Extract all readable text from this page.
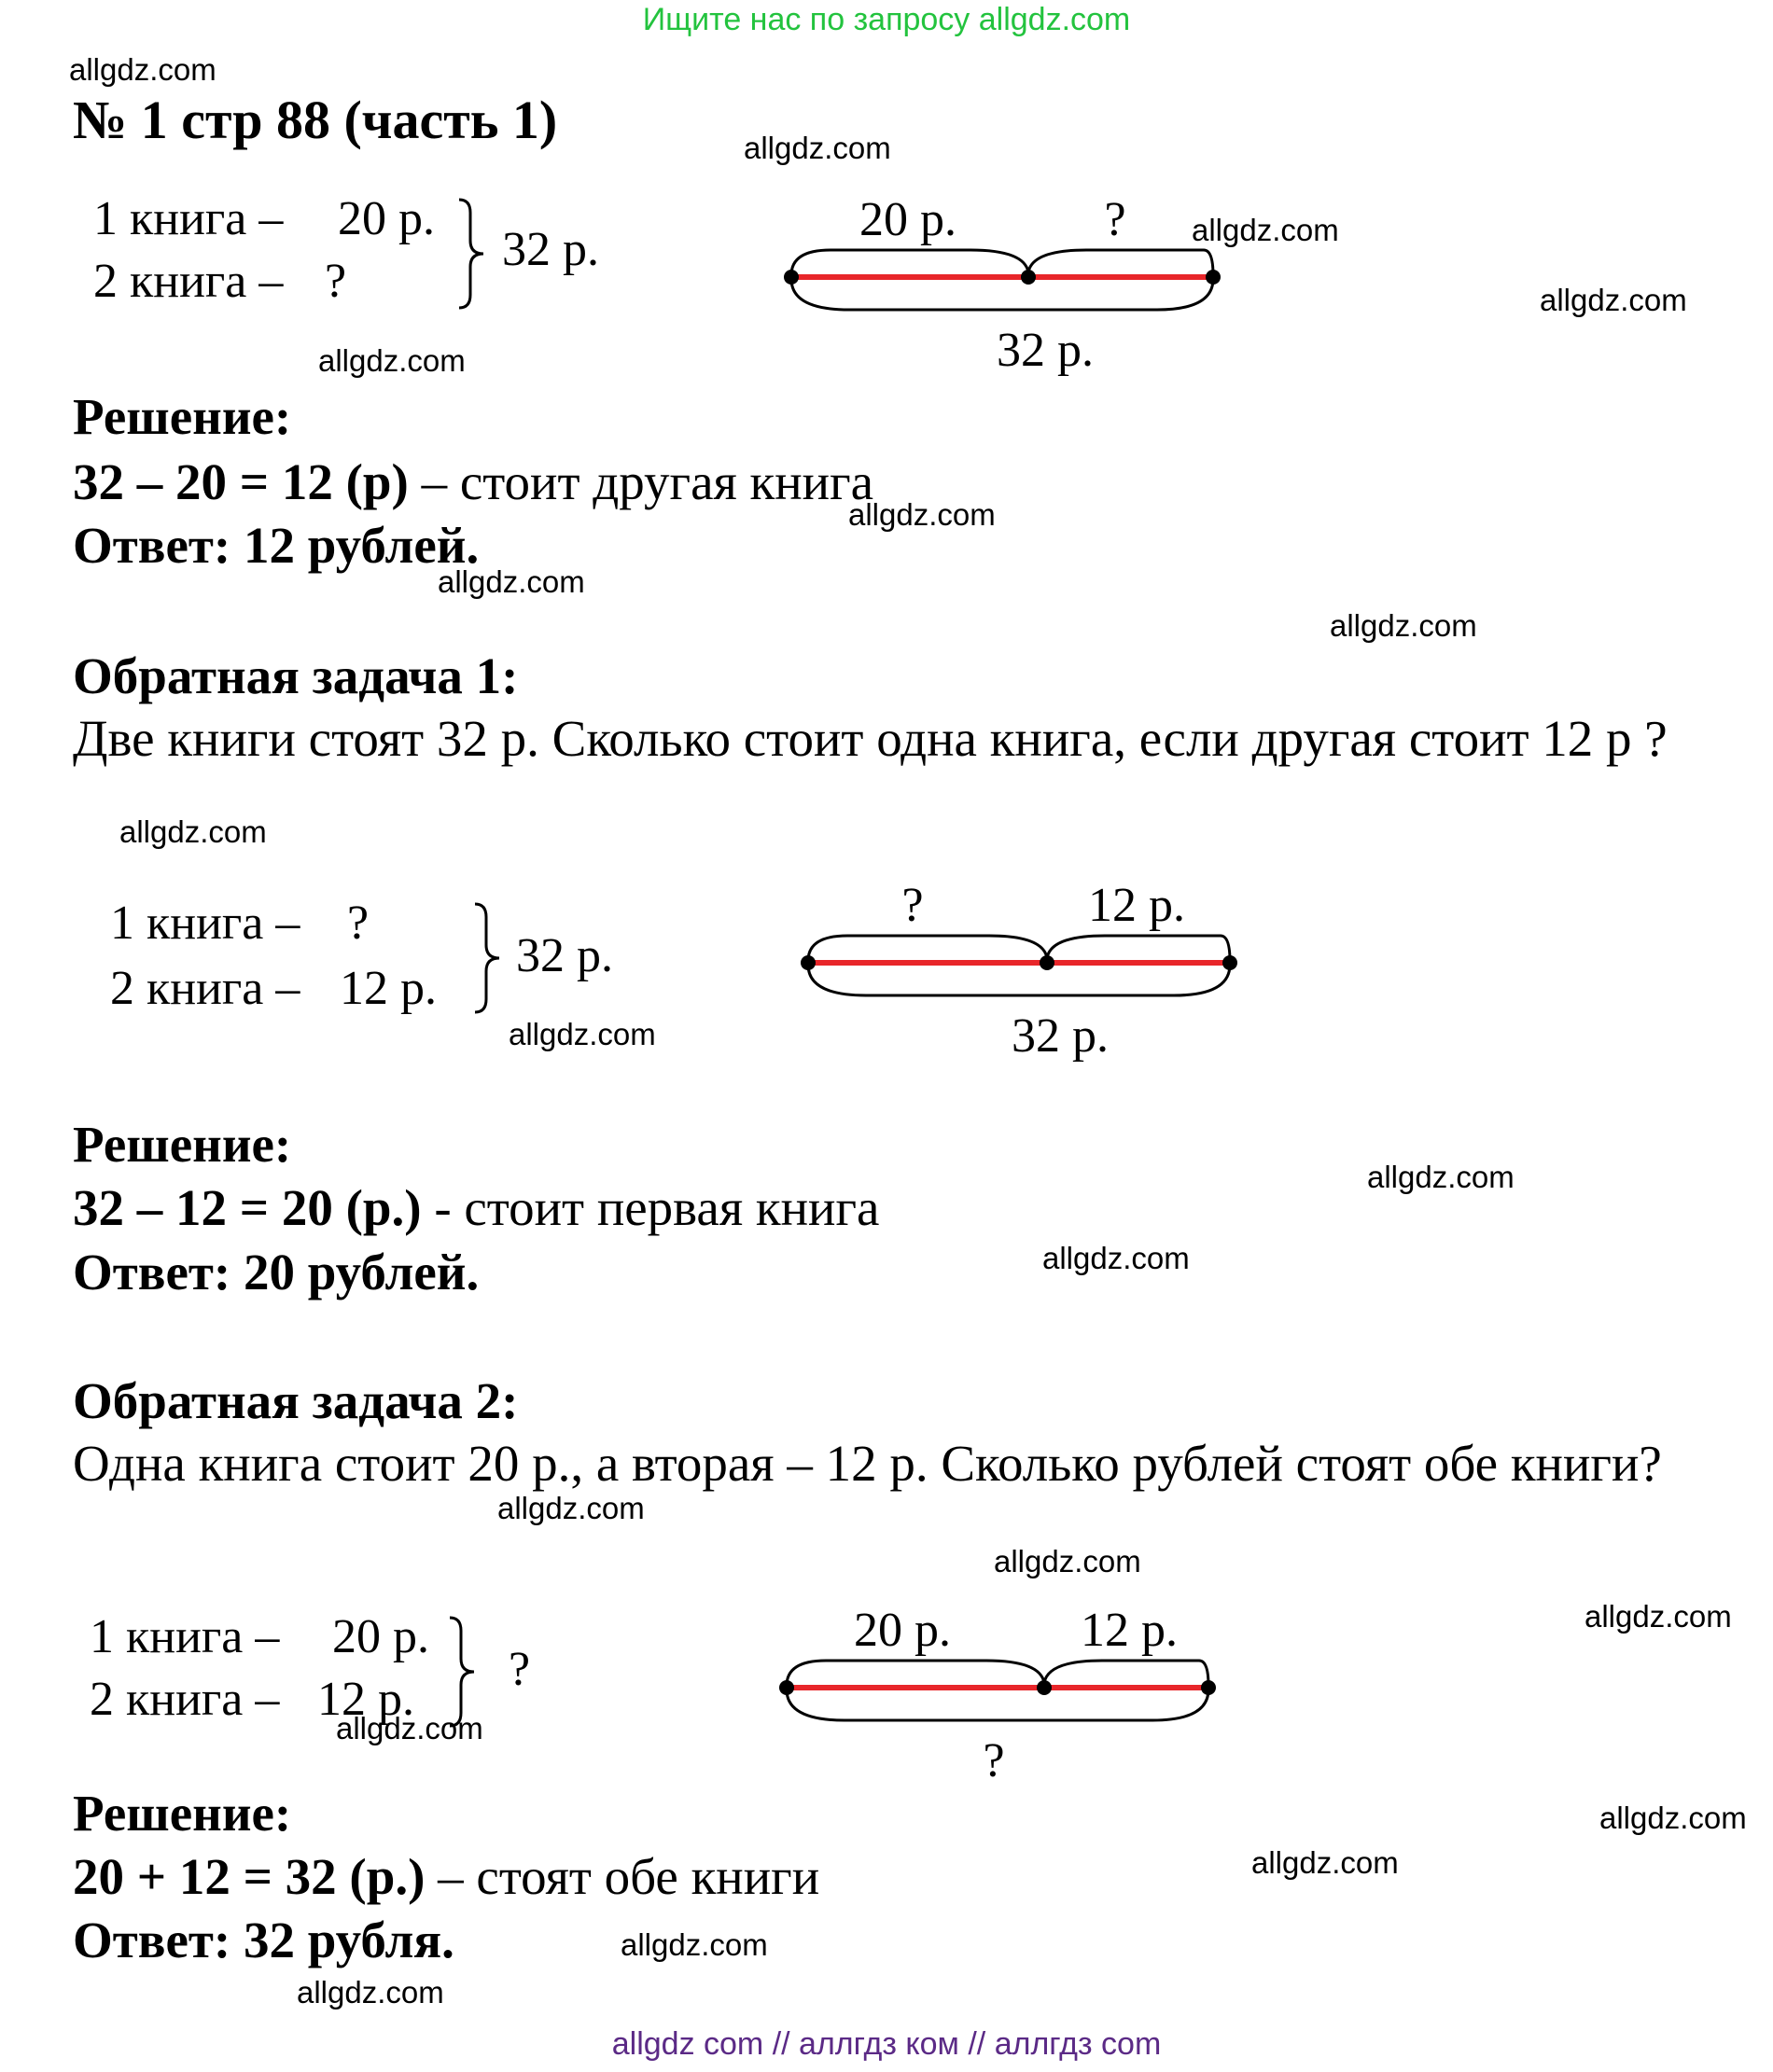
Ищите нас по запросу allgdz.com
№ 1 стр 88 (часть 1)
1 книга – 20 р.
2 книга – ?
32 р.
20 р.	?
32 р.
Решение:
32 – 20 = 12 (р) – стоит другая книга
Ответ: 12 рублей.
Обратная задача 1:
Две книги стоят 32 р. Сколько стоит одна книга, если другая стоит 12 р ?
1 книга – ?
2 книга – 12 р.
32 р.
?	12 р.
32 р.
Решение:
32 – 12 = 20 (р.) - стоит первая книга
Ответ: 20 рублей.
Обратная задача 2:
Одна книга стоит 20 р., а вторая – 12 р. Сколько рублей стоят обе книги?
1 книга – 20 р.
2 книга – 12 р.
?
20 р.	12 р.
?
Решение:
20 + 12 = 32 (р.) – стоят обе книги
Ответ: 32 рубля.
allgdz.com
allgdz.com
allgdz.com
allgdz.com
allgdz.com
allgdz.com
allgdz.com
allgdz.com
allgdz.com
allgdz.com
allgdz.com
allgdz.com
allgdz.com
allgdz.com
allgdz.com
allgdz.com
allgdz.com
allgdz.com
allgdz.com
allgdz.com
allgdz com // аллгдз ком // аллгдз com
